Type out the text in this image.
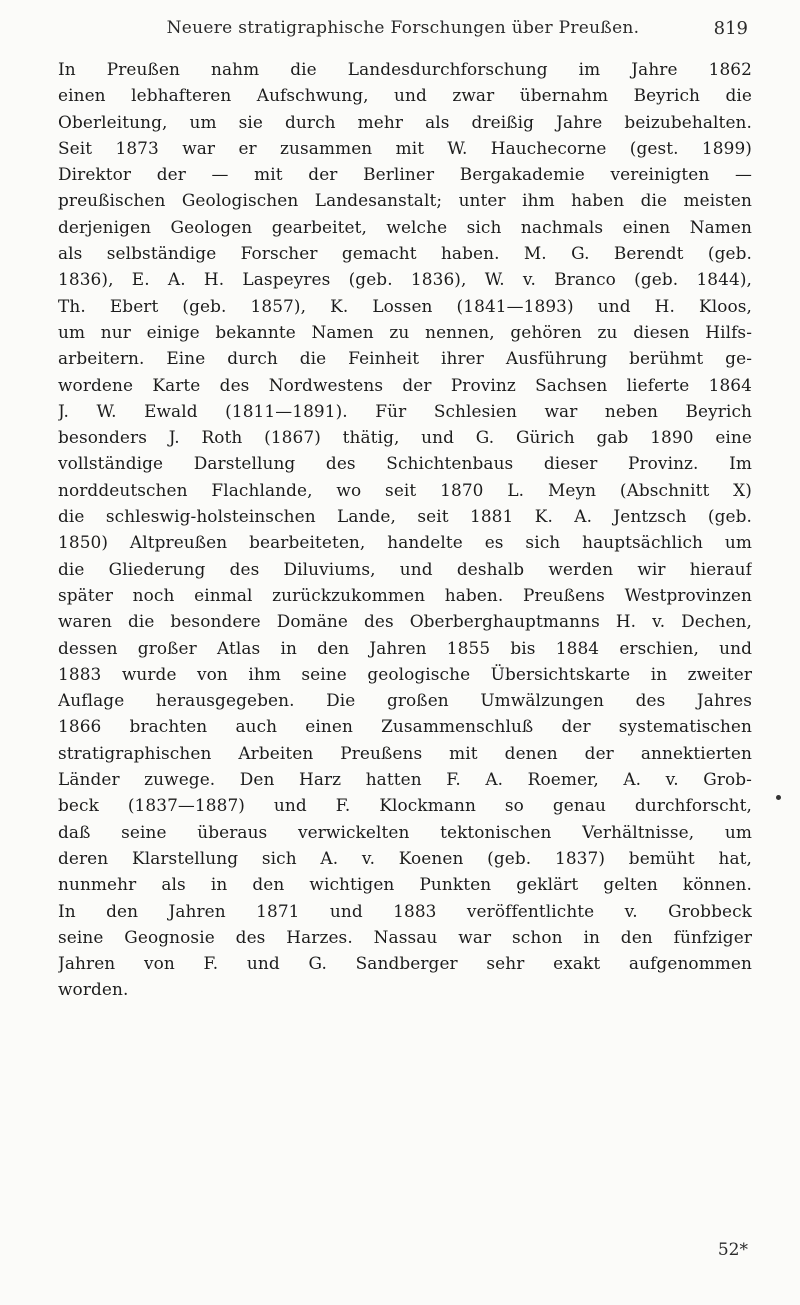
Neuere stratigraphische Forschungen über Preußen.	819
In Preußen nahm die Landesdurchforschung im Jahre 1862
einen lebhafteren Aufschwung, und zwar übernahm Beyrich die
Oberleitung, um sie durch mehr als dreißig Jahre beizubehalten.
Seit 1873 war er zusammen mit W. Hauchecorne (gest. 1899)
Direktor der — mit der Berliner Bergakademie vereinigten —
preußischen Geologischen Landesanstalt; unter ihm haben die meisten
derjenigen Geologen gearbeitet, welche sich nachmals einen Namen
als selbständige Forscher gemacht haben. M. G. Berendt (geb.
1836), E. A. H. Laspeyres (geb. 1836), W. v. Branco (geb. 1844),
Th. Ebert (geb. 1857), K. Lossen (1841—1893) und H. Kloos,
um nur einige bekannte Namen zu nennen, gehören zu diesen Hilfs-
arbeitern. Eine durch die Feinheit ihrer Ausführung berühmt ge-
wordene Karte des Nordwestens der Provinz Sachsen lieferte 1864
J. W. Ewald (1811—1891). Für Schlesien war neben Beyrich
besonders J. Roth (1867) thätig, und G. Gürich gab 1890 eine
vollständige Darstellung des Schichtenbaus dieser Provinz. Im
norddeutschen Flachlande, wo seit 1870 L. Meyn (Abschnitt X)
die schleswig-holsteinschen Lande, seit 1881 K. A. Jentzsch (geb.
1850) Altpreußen bearbeiteten, handelte es sich hauptsächlich um
die Gliederung des Diluviums, und deshalb werden wir hierauf
später noch einmal zurückzukommen haben. Preußens Westprovinzen
waren die besondere Domäne des Oberberghauptmanns H. v. Dechen,
dessen großer Atlas in den Jahren 1855 bis 1884 erschien, und
1883 wurde von ihm seine geologische Übersichtskarte in zweiter
Auflage herausgegeben. Die großen Umwälzungen des Jahres
1866 brachten auch einen Zusammenschluß der systematischen
stratigraphischen Arbeiten Preußens mit denen der annektierten
Länder zuwege. Den Harz hatten F. A. Roemer, A. v. Grob-
beck (1837—1887) und F. Klockmann so genau durchforscht,
daß seine überaus verwickelten tektonischen Verhältnisse, um
deren Klarstellung sich A. v. Koenen (geb. 1837) bemüht hat,
nunmehr als in den wichtigen Punkten geklärt gelten können.
In den Jahren 1871 und 1883 veröffentlichte v. Grobbeck
seine Geognosie des Harzes. Nassau war schon in den fünfziger
Jahren von F. und G. Sandberger sehr exakt aufgenommen
worden.
52*
